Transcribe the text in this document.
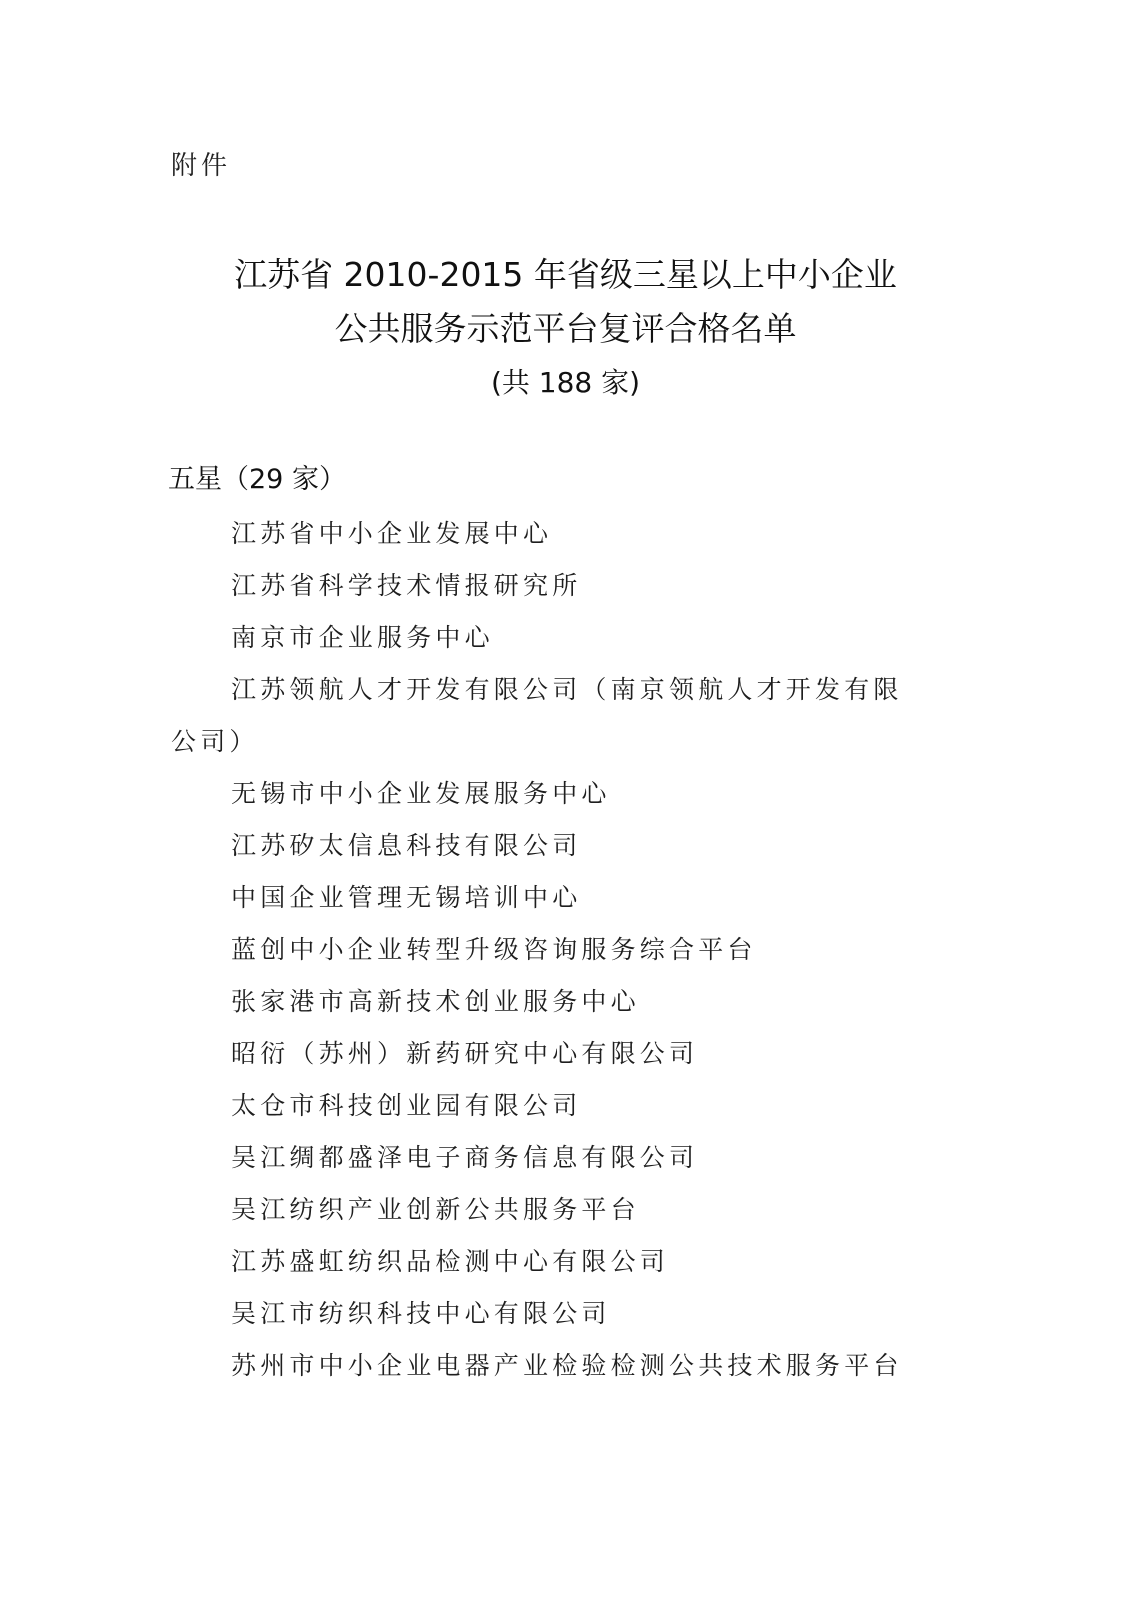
附件
江苏省 2010-2015 年省级三星以上中小企业
公共服务示范平台复评合格名单
(共 188 家)
五星（29 家）
江苏省中小企业发展中心
江苏省科学技术情报研究所
南京市企业服务中心
江苏领航人才开发有限公司（南京领航人才开发有限公司）
无锡市中小企业发展服务中心
江苏矽太信息科技有限公司
中国企业管理无锡培训中心
蓝创中小企业转型升级咨询服务综合平台
张家港市高新技术创业服务中心
昭衍（苏州）新药研究中心有限公司
太仓市科技创业园有限公司
吴江绸都盛泽电子商务信息有限公司
吴江纺织产业创新公共服务平台
江苏盛虹纺织品检测中心有限公司
吴江市纺织科技中心有限公司
苏州市中小企业电器产业检验检测公共技术服务平台
